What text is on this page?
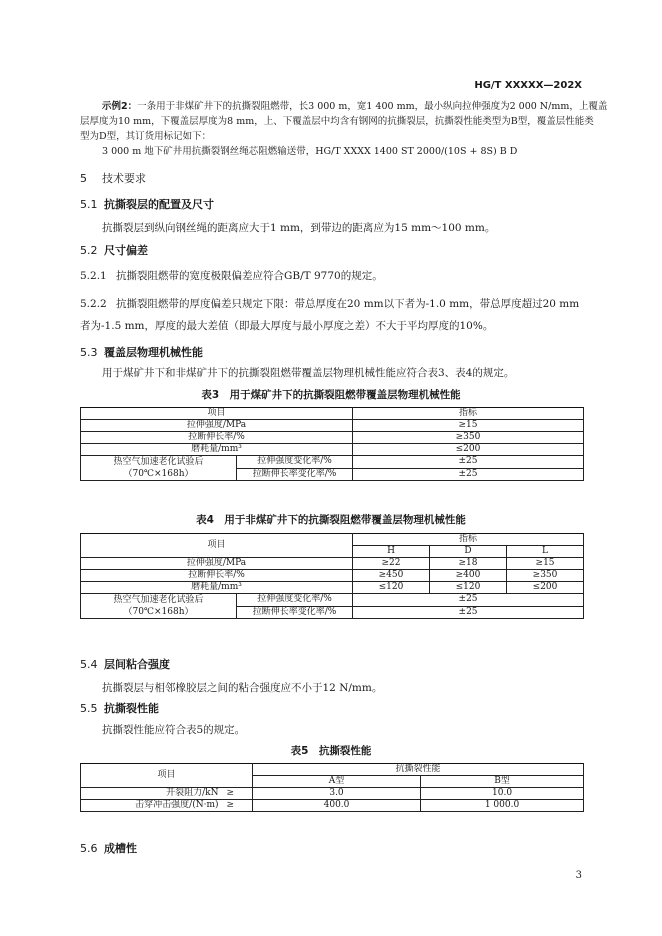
HG/T XXXXX—202X
示例2：一条用于非煤矿井下的抗撕裂阻燃带，长3 000 m，宽1 400 mm，最小纵向拉伸强度为2 000 N/mm，上覆盖
层厚度为10 mm，下覆盖层厚度为8 mm，上、下覆盖层中均含有钢网的抗撕裂层，抗撕裂性能类型为B型，覆盖层性能类
型为D型，其订货用标记如下：
3 000 m 地下矿井用抗撕裂钢丝绳芯阻燃输送带，HG/T XXXX 1400 ST 2000/(10S + 8S) B D
5 技术要求
5.1 抗撕裂层的配置及尺寸
抗撕裂层到纵向钢丝绳的距离应大于1 mm，到带边的距离应为15 mm～100 mm。
5.2 尺寸偏差
5.2.1 抗撕裂阻燃带的宽度极限偏差应符合GB/T 9770的规定。
5.2.2 抗撕裂阻燃带的厚度偏差只规定下限：带总厚度在20 mm以下者为-1.0 mm，带总厚度超过20 mm
者为-1.5 mm，厚度的最大差值（即最大厚度与最小厚度之差）不大于平均厚度的10%。
5.3 覆盖层物理机械性能
用于煤矿井下和非煤矿井下的抗撕裂阻燃带覆盖层物理机械性能应符合表3、表4的规定。
表3　用于煤矿井下的抗撕裂阻燃带覆盖层物理机械性能
项目		指标
拉伸强度/MPa		≥15
拉断伸长率/%		≥350
磨耗量/mm³		≤200
热空气加速老化试验后
（70℃×168h）	拉伸强度变化率/%	±25
	拉断伸长率变化率/%	±25
表4　用于非煤矿井下的抗撕裂阻燃带覆盖层物理机械性能
项目		指标		
		H	D	L
拉伸强度/MPa		≥22	≥18	≥15
拉断伸长率/%		≥450	≥400	≥350
磨耗量/mm³		≤120	≤120	≤200
热空气加速老化试验后
（70℃×168h）	拉伸强度变化率/%	±25		
	拉断伸长率变化率/%	±25		
5.4 层间粘合强度
抗撕裂层与相邻橡胶层之间的粘合强度应不小于12 N/mm。
5.5 抗撕裂性能
抗撕裂性能应符合表5的规定。
表5　抗撕裂性能
项目		抗撕裂性能	
		A型	B型
开裂阻力/kN	≥	3.0	10.0
击穿冲击强度/(N·m)	≥	400.0	1 000.0
5.6 成槽性
3
